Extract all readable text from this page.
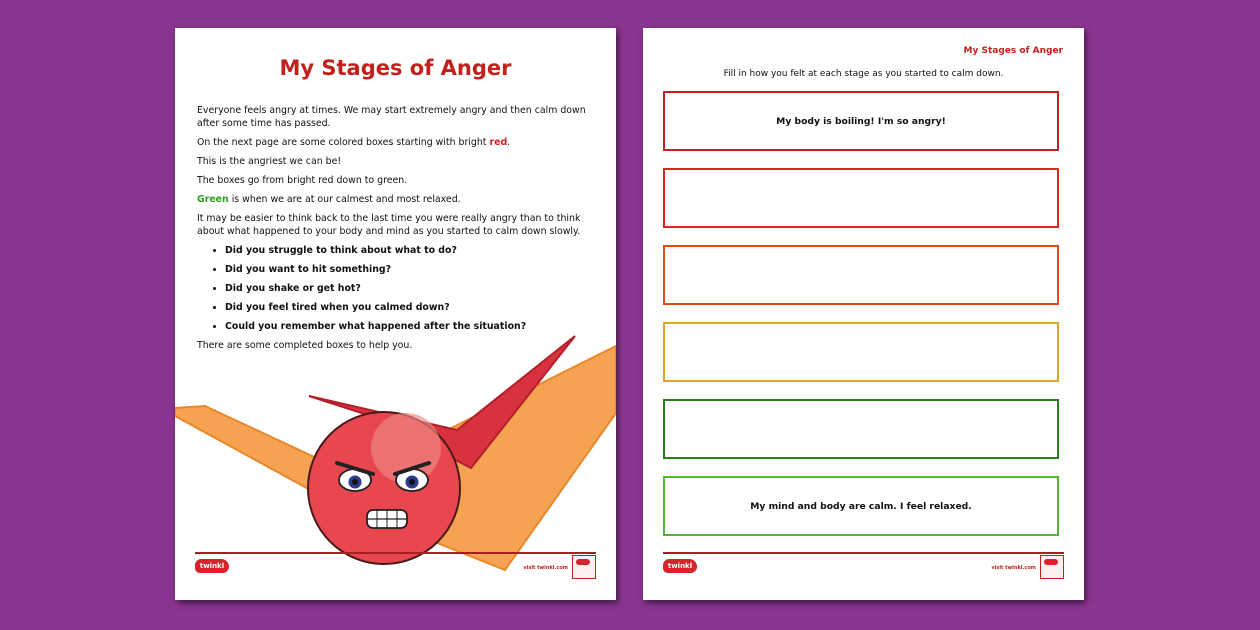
My Stages of Anger

Everyone feels angry at times. We may start extremely angry and then calm down after some time has passed.

On the next page are some colored boxes starting with bright red.

This is the angriest we can be!

The boxes go from bright red down to green.

Green is when we are at our calmest and most relaxed.

It may be easier to think back to the last time you were really angry than to think about what happened to your body and mind as you started to calm down slowly.

• Did you struggle to think about what to do?
• Did you want to hit something?
• Did you shake or get hot?
• Did you feel tired when you calmed down?
• Could you remember what happened after the situation?

There are some completed boxes to help you.

twinkl	visit twinkl.com
My Stages of Anger
Fill in how you felt at each stage as you started to calm down.
My body is boiling! I'm so angry!
My mind and body are calm. I feel relaxed.
twinkl	visit twinkl.com
